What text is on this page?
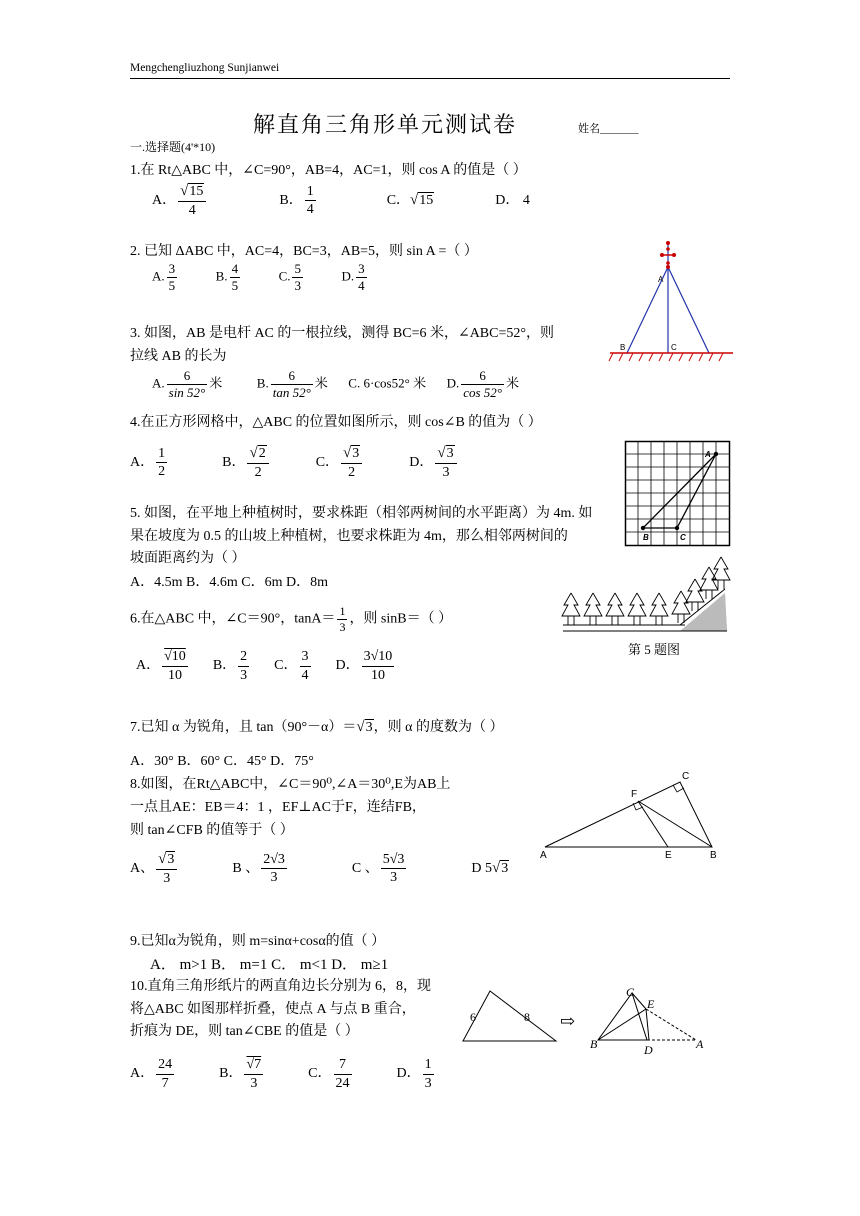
Mengchengliuzhong Sunjianwei
解直角三角形单元测试卷	姓名_______
一.选择题(4'*10)
1.在 Rt△ABC 中，∠C=90°，AB=4，AC=1，则 cos A 的值是（ ）
A． $\frac{√15}{4}$	B． $\frac{1}{4}$	C．√15	D． 4
2. 已知 ΔABC 中，AC=4，BC=3，AB=5，则 sin A =（ ）
A. $\frac{3}{5}$	B. $\frac{4}{5}$	C. $\frac{5}{3}$	D. $\frac{3}{4}$	A
B	C
3. 如图，AB 是电杆 AC 的一根拉线，测得 BC=6 米，∠ABC=52°，则
拉线 AB 的长为
A. $\frac{6}{\sin 52^\circ}$ 米	B. $\frac{6}{\tan 52^\circ}$ 米 C. 6·cos52° 米 D. $\frac{6}{\cos 52^\circ}$ 米
4.在正方形网格中，△ABC 的位置如图所示，则 cos∠B 的值为（ ）
A． $\frac{1}{2}$	B． $\frac{√2}{2}$	C． $\frac{√3}{2}$	D． $\frac{√3}{3}$	A
B	C
5. 如图，在平地上种植树时，要求株距（相邻两树间的水平距离）为 4m. 如
果在坡度为 0.5 的山坡上种植树，也要求株距为 4m，那么相邻两树间的
坡面距离约为（ ）
A．4.5m B．4.6m C．6m D．8m
第 5 题图
6.在△ABC 中，∠C＝90°，$\tan A= \frac{1}{3}$ ，则 sinB＝（ ）
A． $\frac{√10}{10}$ B． $\frac{2}{3}$ C． $\frac{3}{4}$ D． $\frac{3√10}{10}$
7.已知 α 为锐角，且 tan（90°－α）＝√3，则 α 的度数为（ ）
A．30° B．60° C．45° D．75°
8.如图，在Rt△ABC中，∠C＝90⁰,∠A＝30⁰,E为AB上
一点且AE：EB＝4：1 ，EF⊥AC于F，连结FB，
则 tan∠CFB 的值等于（ ）
A、 $\frac{√3}{3}$	B 、 $\frac{2√3}{3}$	C 、 $\frac{5√3}{3}$	D 5√3
C
F
A	E	B
9.已知α为锐角，则 m=sinα+cosα的值（ ）
A． m>1 B． m=1 C． m<1 D． m≥1
10.直角三角形纸片的两直角边长分别为 6，8，现
将△ABC 如图那样折叠，使点 A 与点 B 重合，
折痕为 DE，则 tan∠CBE 的值是（ ）
6	8 ⇨
C
E
B	D	A
A． $\frac{24}{7}$	B． $\frac{√7}{3}$	C． $\frac{7}{24}$	D． $\frac{1}{3}$
